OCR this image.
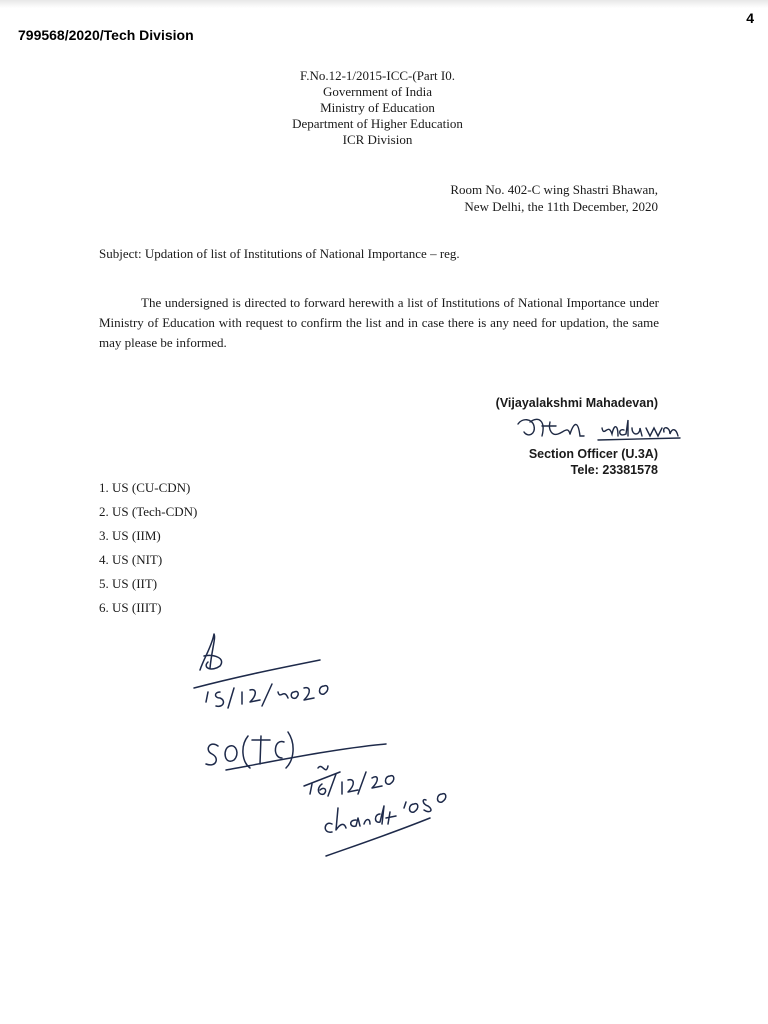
799568/2020/Tech Division
4
F.No.12-1/2015-ICC-(Part I0.
Government of India
Ministry of Education
Department of Higher Education
ICR Division
Room No. 402-C wing Shastri Bhawan,
New Delhi, the 11th December, 2020
Subject: Updation of list of Institutions of National Importance – reg.
The undersigned is directed to forward herewith a list of Institutions of National Importance under Ministry of Education with request to confirm the list and in case there is any need for updation, the same may please be informed.
(Vijayalakshmi Mahadevan)
Section Officer (U.3A)
Tele: 23381578
1. US (CU-CDN)
2. US (Tech-CDN)
3. US (IIM)
4. US (NIT)
5. US (IIT)
6. US (IIIT)
